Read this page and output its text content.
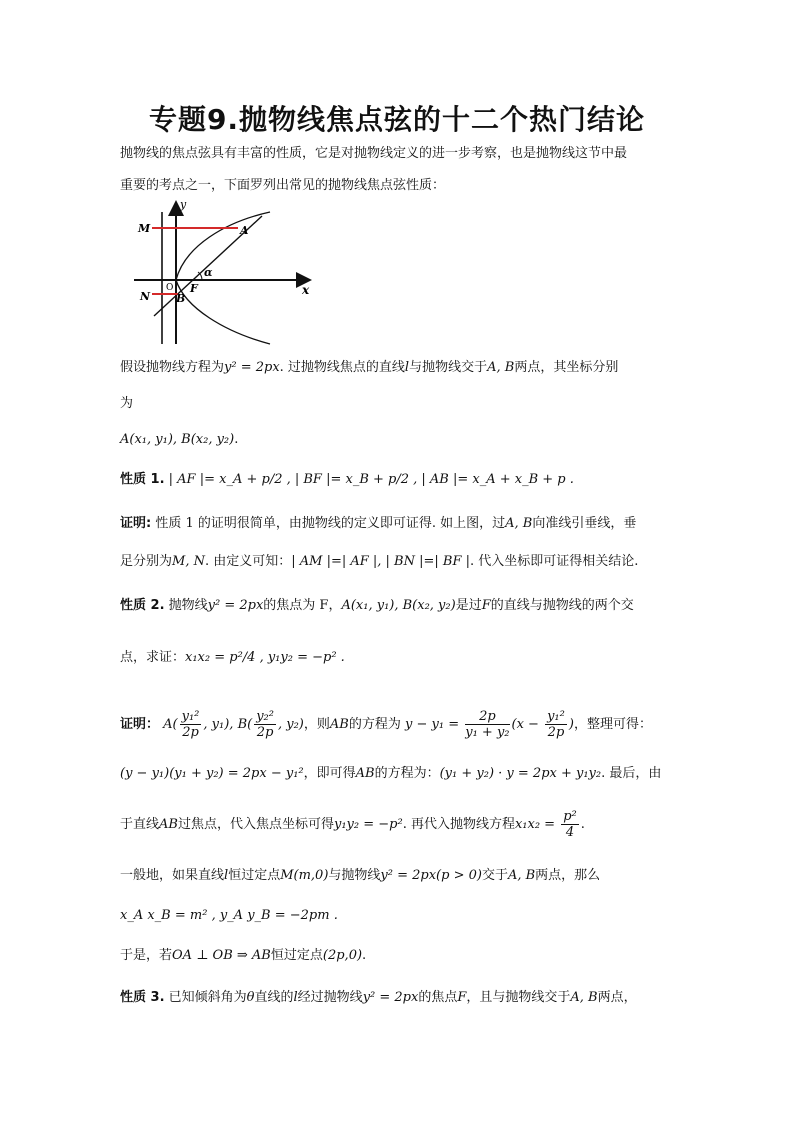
专题9.抛物线焦点弦的十二个热门结论
抛物线的焦点弦具有丰富的性质，它是对抛物线定义的进一步考察，也是抛物线这节中最
重要的考点之一，下面罗列出常见的抛物线焦点弦性质：
y
x
M
N
A
B
O F
α
假设抛物线方程为y² = 2px. 过抛物线焦点的直线l与抛物线交于A, B两点，其坐标分别
为
A(x₁, y₁), B(x₂, y₂).
性质 1. | AF |= x_A + p/2 , | BF |= x_B + p/2 , | AB |= x_A + x_B + p .
证明: 性质 1 的证明很简单，由抛物线的定义即可证得. 如上图，过A, B向准线引垂线，垂
足分别为M, N. 由定义可知：| AM |=| AF |, | BN |=| BF |. 代入坐标即可证得相关结论.
性质 2. 抛物线y² = 2px的焦点为 F，A(x₁, y₁), B(x₂, y₂)是过F的直线与抛物线的两个交
点，求证：x₁x₂ = p²/4 , y₁y₂ = −p² .
证明： $A( \frac{\text{y₁²}}{2p}$ , y₁), $B( \frac{\text{y₂²}}{2p}$ , y₂)，则AB的方程为 $y - y_1 = \frac{2p}{\text{y₁ + y₂}} (x - \frac{\text{y₁²}}{2p}$ )，整理可得：
(y − y₁)(y₁ + y₂) = 2px − y₁²，即可得AB的方程为：(y₁ + y₂) · y = 2px + y₁y₂. 最后，由
于直线AB过焦点，代入焦点坐标可得y₁y₂ = −p². 再代入抛物线方程$x_1x_2 = \frac{\text{p²}}{4}$ .
一般地，如果直线l恒过定点M(m,0)与抛物线y² = 2px(p > 0)交于A, B两点，那么
x_A x_B = m² , y_A y_B = −2pm .
于是，若OA ⊥ OB ⇒ AB恒过定点(2p,0).
性质 3. 已知倾斜角为θ直线的l经过抛物线y² = 2px的焦点F，且与抛物线交于A, B两点，
